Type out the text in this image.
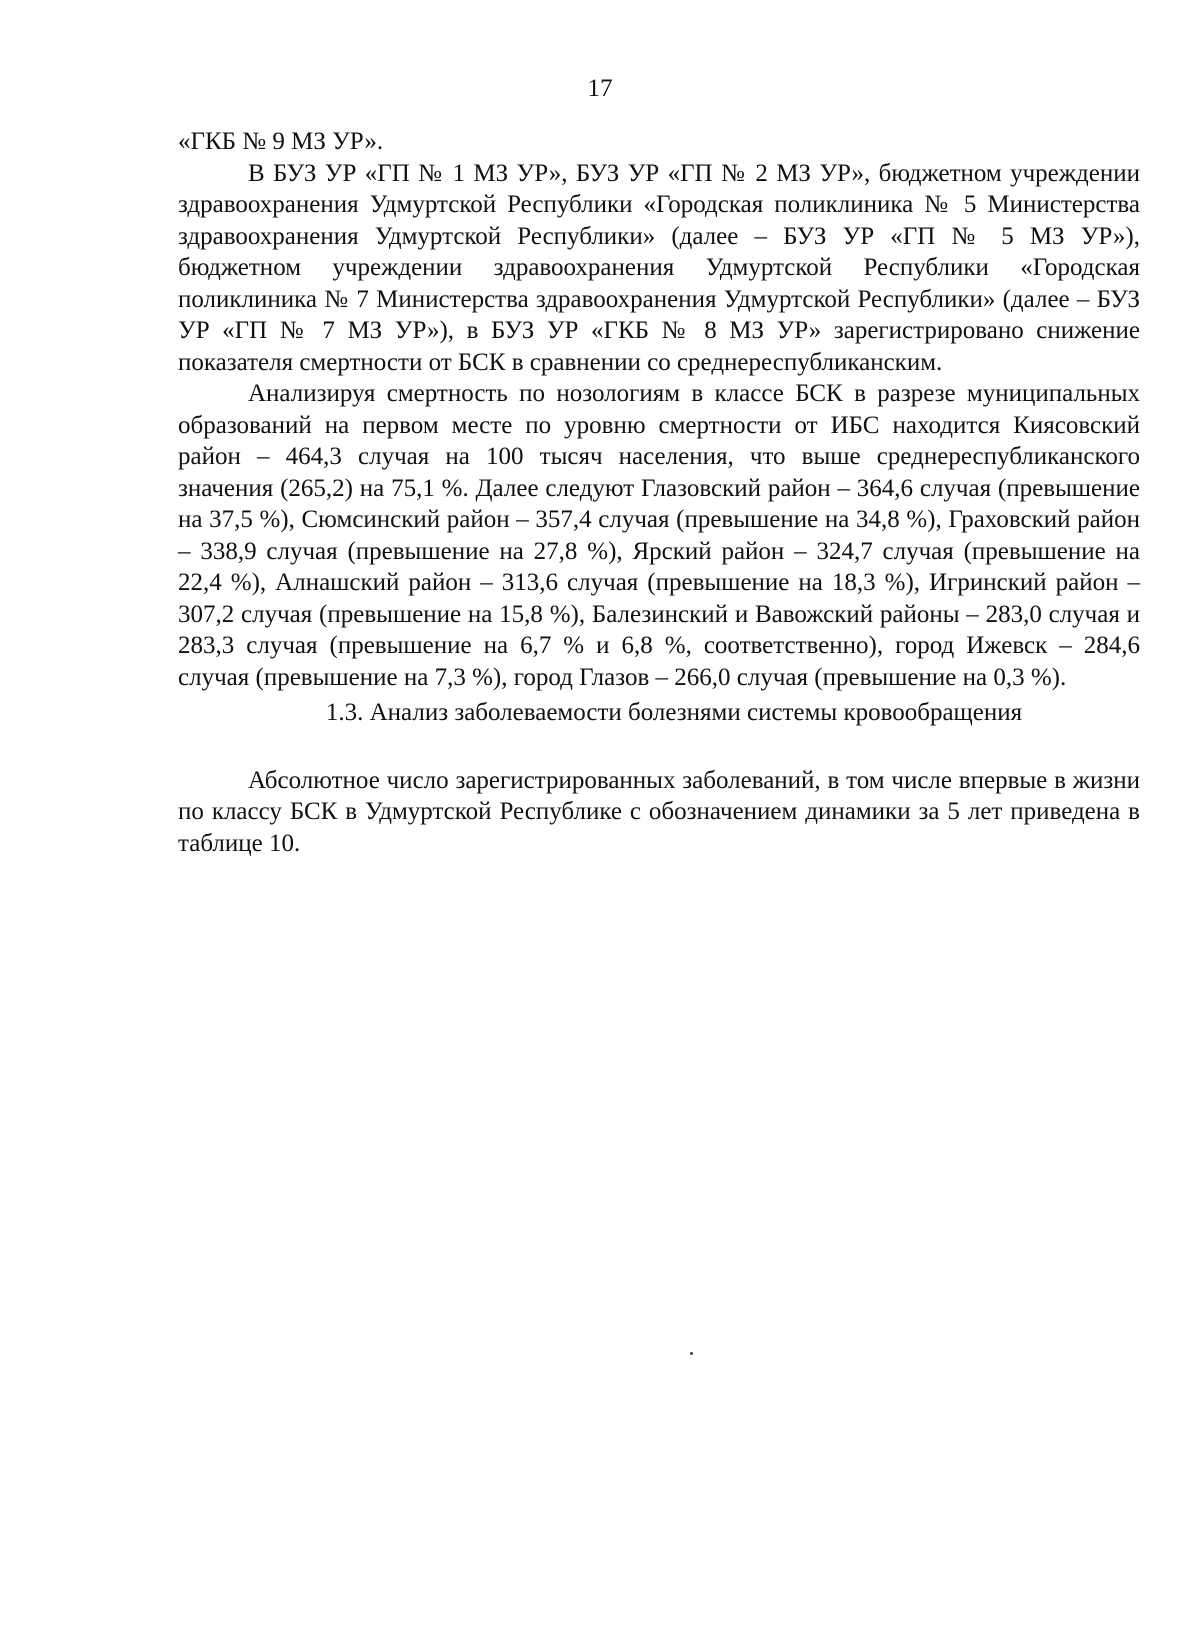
17

«ГКБ № 9 МЗ УР».

В БУЗ УР «ГП № 1 МЗ УР», БУЗ УР «ГП № 2 МЗ УР», бюджетном учреждении здравоохранения Удмуртской Республики «Городская поликлиника № 5 Министерства здравоохранения Удмуртской Республики» (далее – БУЗ УР «ГП № 5 МЗ УР»), бюджетном учреждении здравоохранения Удмуртской Республики «Городская поликлиника № 7 Министерства здравоохранения Удмуртской Республики» (далее – БУЗ УР «ГП № 7 МЗ УР»), в БУЗ УР «ГКБ № 8 МЗ УР» зарегистрировано снижение показателя смертности от БСК в сравнении со среднереспубликанским.

Анализируя смертность по нозологиям в классе БСК в разрезе муниципальных образований на первом месте по уровню смертности от ИБС находится Киясовский район – 464,3 случая на 100 тысяч населения, что выше среднереспубликанского значения (265,2) на 75,1 %. Далее следуют Глазовский район – 364,6 случая (превышение на 37,5 %), Сюмсинский район – 357,4 случая (превышение на 34,8 %), Граховский район – 338,9 случая (превышение на 27,8 %), Ярский район – 324,7 случая (превышение на 22,4 %), Алнашский район – 313,6 случая (превышение на 18,3 %), Игринский район – 307,2 случая (превышение на 15,8 %), Балезинский и Вавожский районы – 283,0 случая и 283,3 случая (превышение на 6,7 % и 6,8 %, соответственно), город Ижевск – 284,6 случая (превышение на 7,3 %), город Глазов – 266,0 случая (превышение на 0,3 %).

1.3. Анализ заболеваемости болезнями системы кровообращения

Абсолютное число зарегистрированных заболеваний, в том числе впервые в жизни по классу БСК в Удмуртской Республике с обозначением динамики за 5 лет приведена в таблице 10.
